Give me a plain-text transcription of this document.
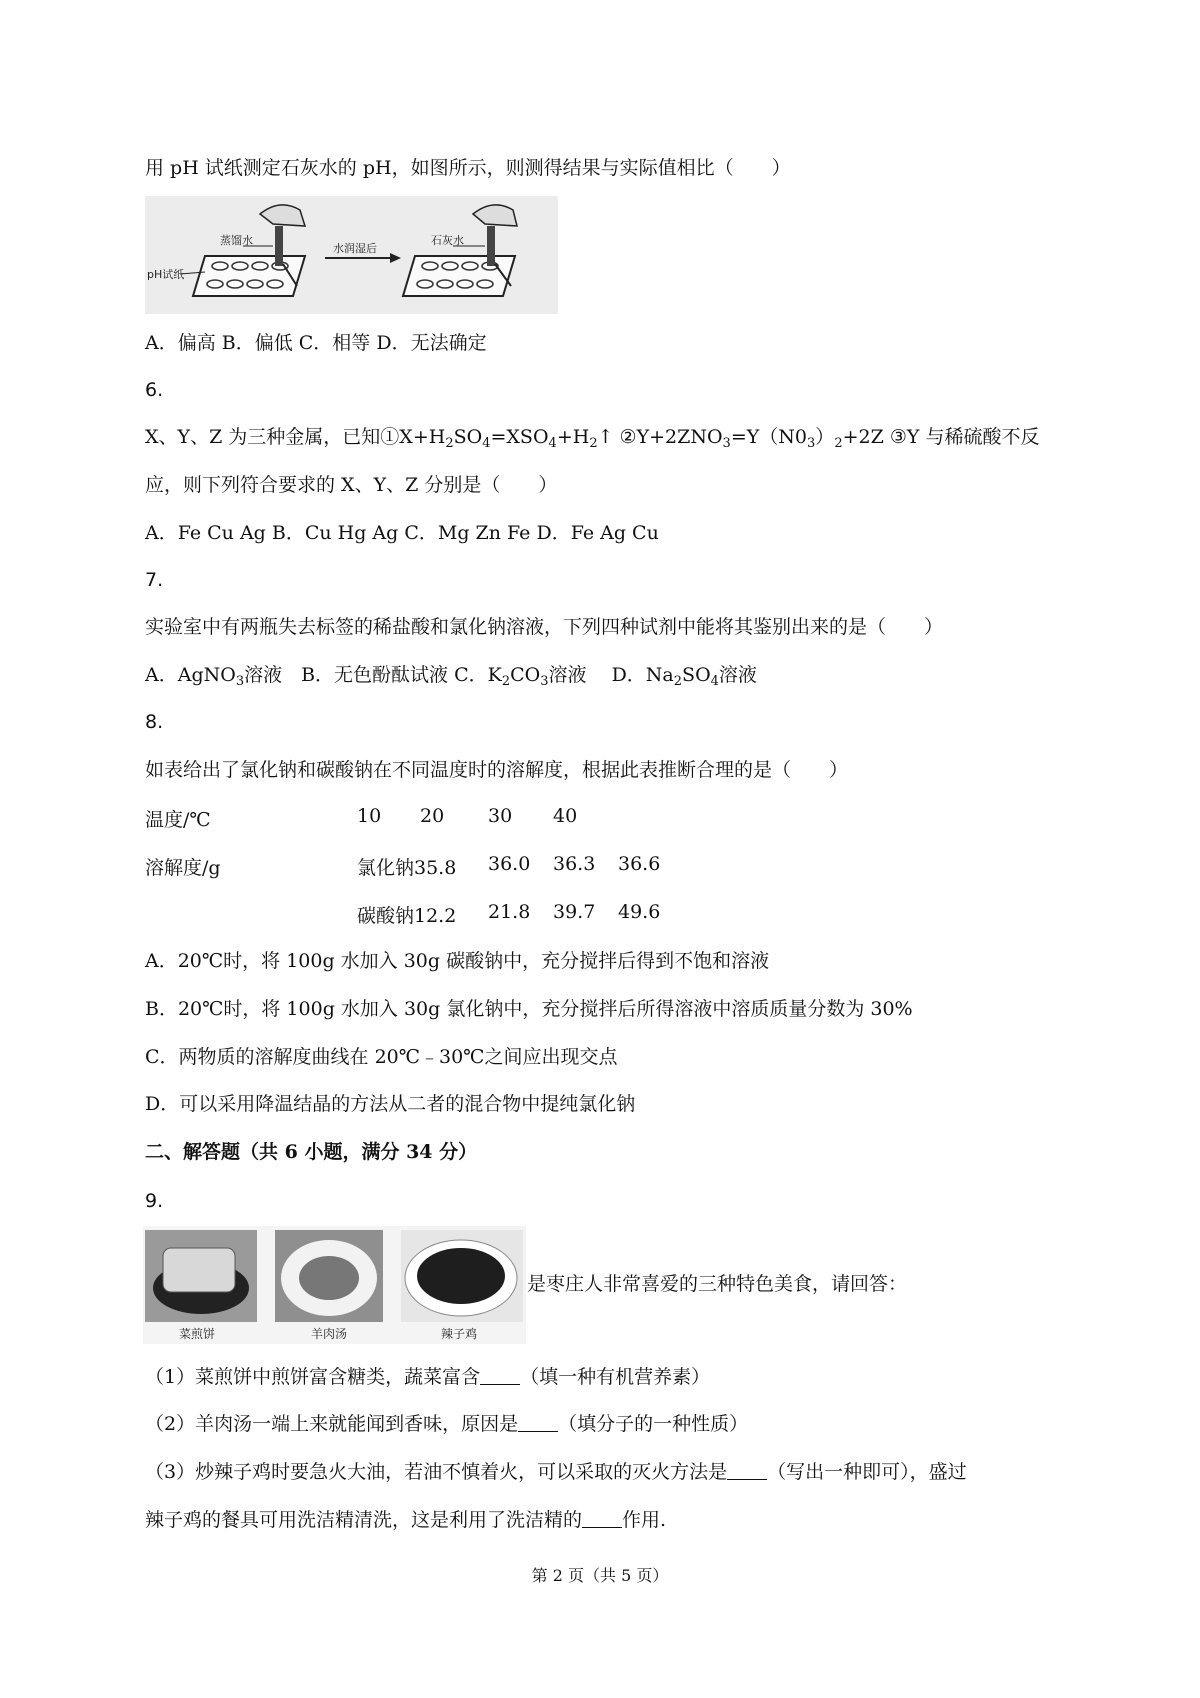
用 pH 试纸测定石灰水的 pH，如图所示，则测得结果与实际值相比（　　）
蒸馏水	石灰水
水润湿后
pH试纸
A．偏高 B．偏低 C．相等 D．无法确定
6.
X、Y、Z 为三种金属，已知$①X+H_2SO_4=XSO_4+H_2↑$ $②Y+2ZNO_3=Y(N0_3)_2+2Z$ ③Y 与稀硫酸不反
应，则下列符合要求的 X、Y、Z 分别是（　　）
A．Fe Cu Ag B．Cu Hg Ag C．Mg Zn Fe D．Fe Ag Cu
7.
实验室中有两瓶失去标签的稀盐酸和氯化钠溶液，下列四种试剂中能将其鉴别出来的是（　　）
A．AgNO$_3$溶液　B．无色酚酞试液 C．$K_2CO_3$溶液　 D．$Na_2SO_4$溶液
8.
如表给出了氯化钠和碳酸钠在不同温度时的溶解度，根据此表推断合理的是（　　）
温度/℃	10 20 30 40
溶解度/g	氯化钠35.8 36.0 36.3 36.6
碳酸钠12.2 21.8 39.7 49.6
A．20℃时，将 100g 水加入 30g 碳酸钠中，充分搅拌后得到不饱和溶液
B．20℃时，将 100g 水加入 30g 氯化钠中，充分搅拌后所得溶液中溶质质量分数为 30%
C．两物质的溶解度曲线在 20℃﹣30℃之间应出现交点
D．可以采用降温结晶的方法从二者的混合物中提纯氯化钠
二、解答题（共 6 小题，满分 34 分）
9.
菜煎饼	羊肉汤	辣子鸡
是枣庄人非常喜爱的三种特色美食，请回答：
（1）菜煎饼中煎饼富含糖类，蔬菜富含 （填一种有机营养素）
（2）羊肉汤一端上来就能闻到香味，原因是 （填分子的一种性质）
（3）炒辣子鸡时要急火大油，若油不慎着火，可以采取的灭火方法是 （写出一种即可），盛过
辣子鸡的餐具可用洗洁精清洗，这是利用了洗洁精的 作用.
第 2 页（共 5 页）
